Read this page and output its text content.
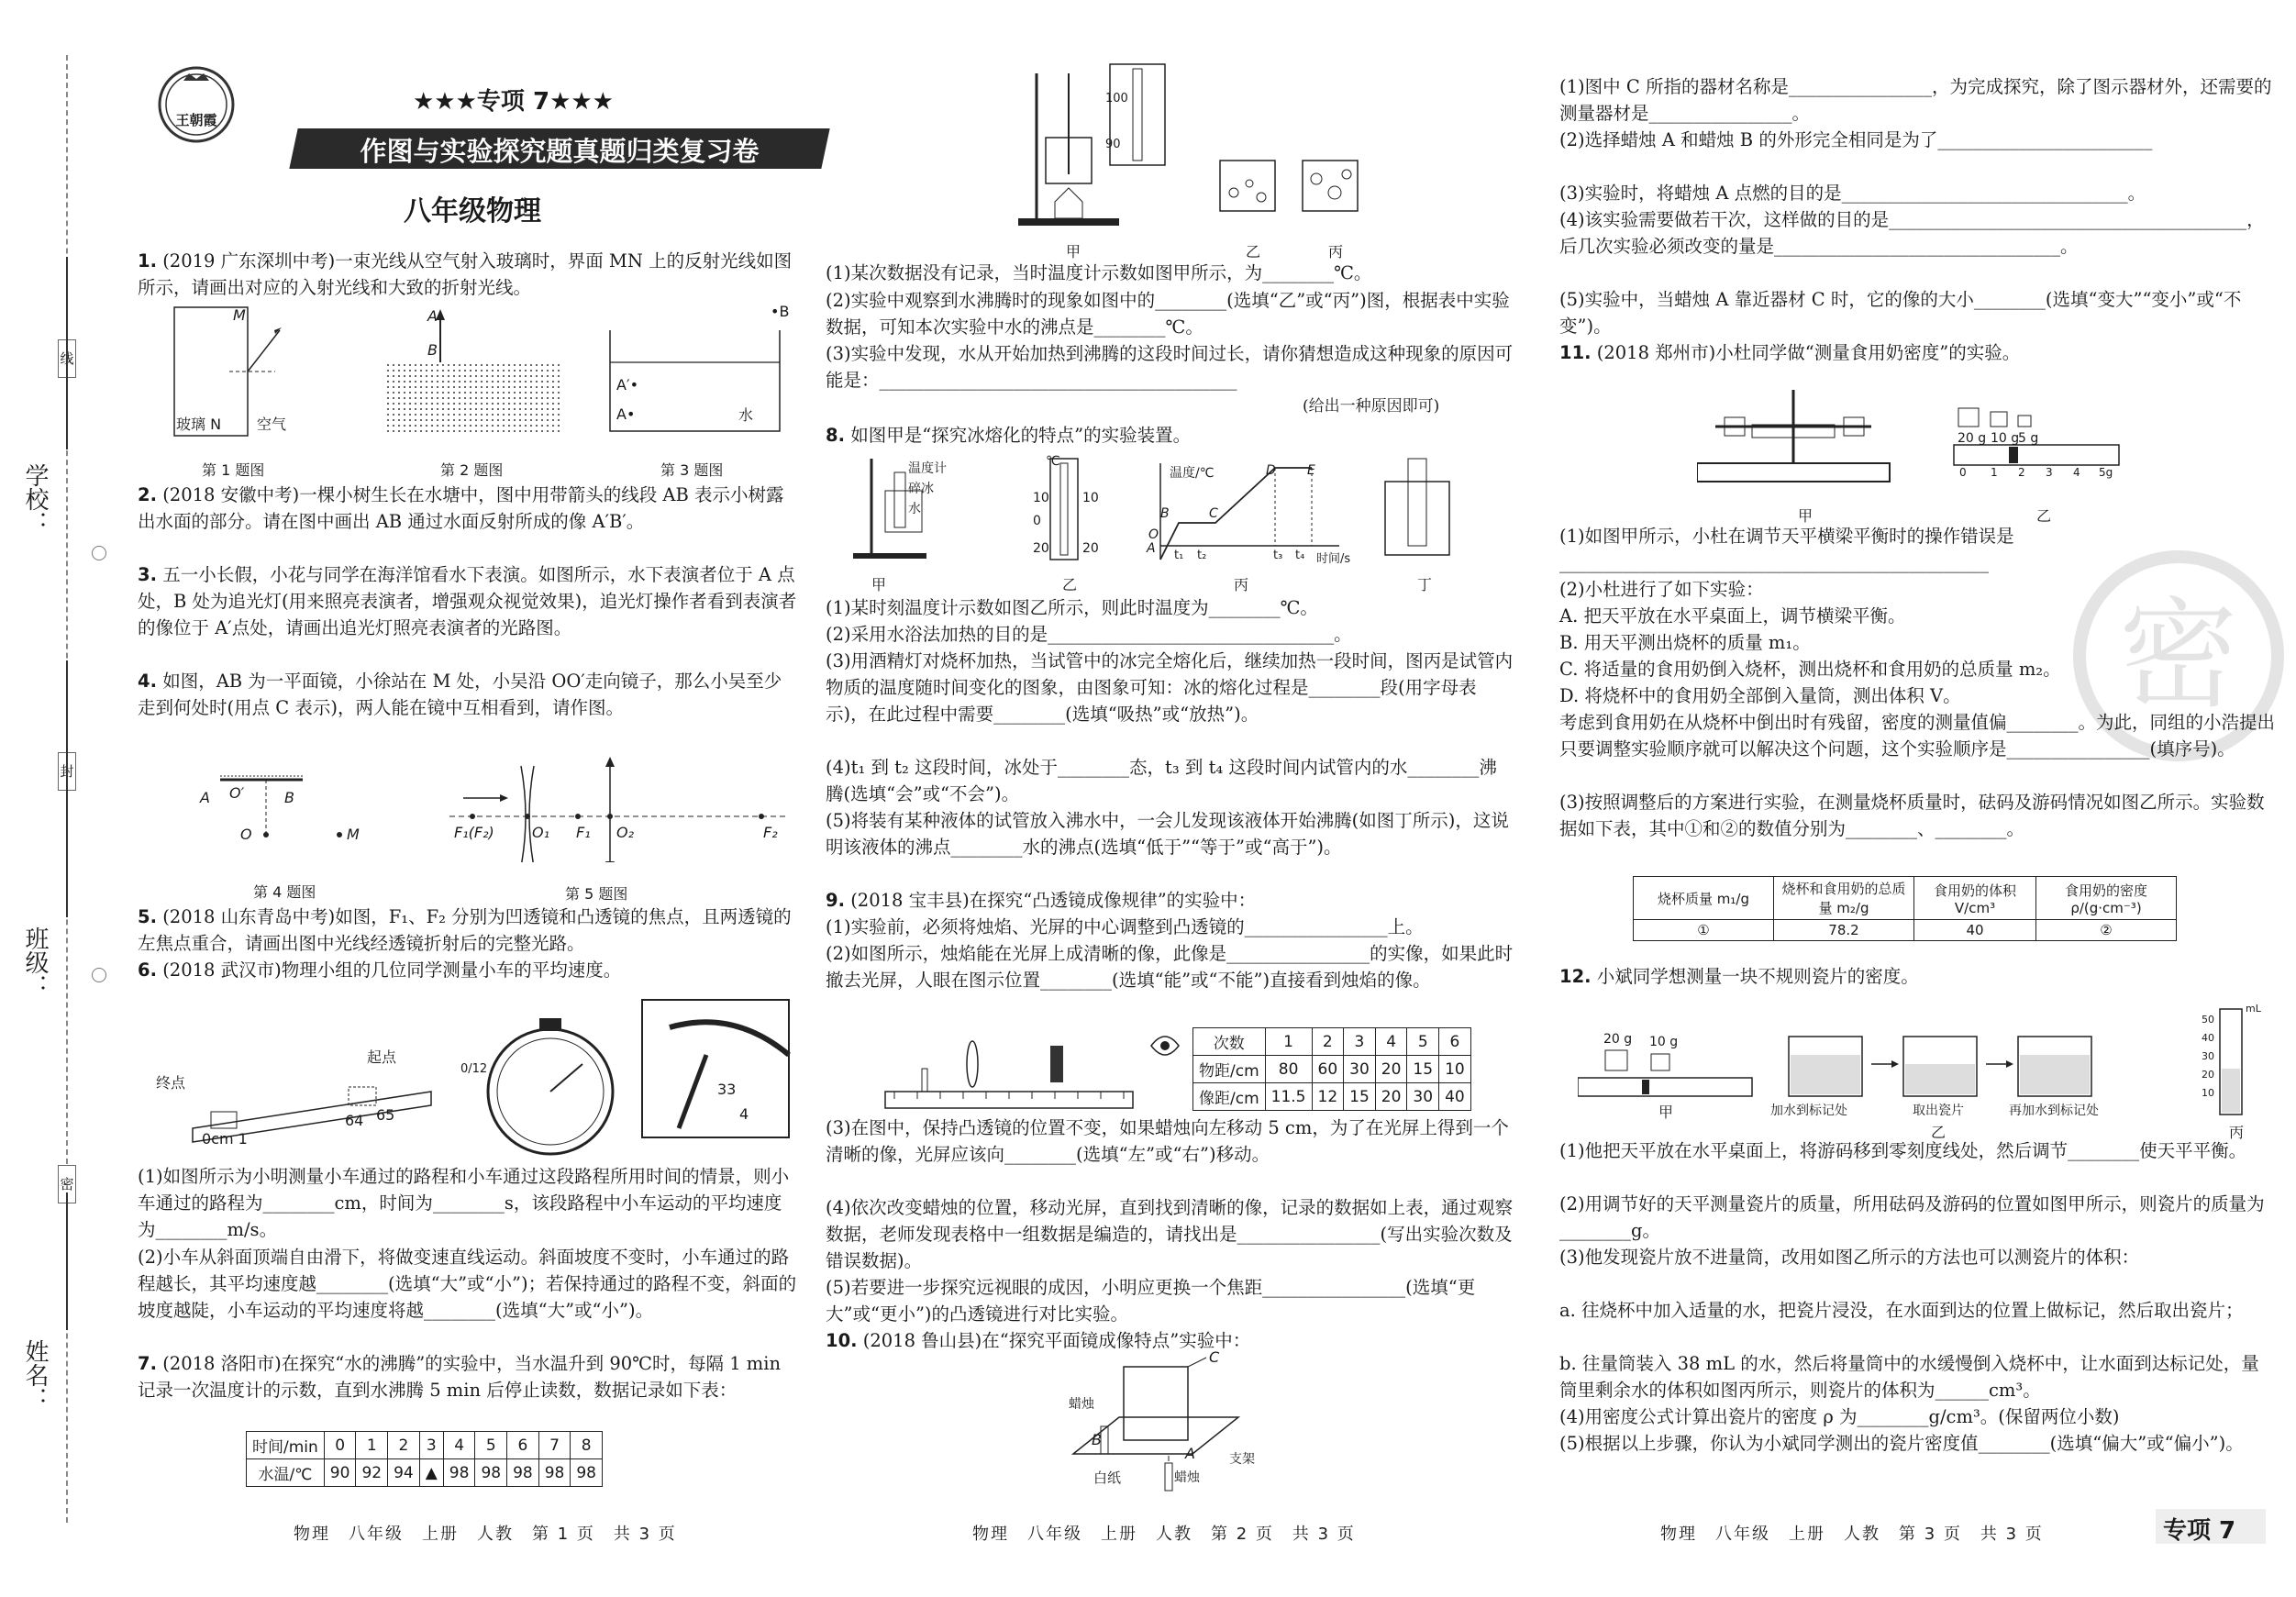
线
封
密
学校：
班级：
姓名：
王朝霞
★★★专项 7★★★
作图与实验探究题真题归类复习卷
八年级物理

1. (2019 广东深圳中考)一束光线从空气射入玻璃时，界面 MN 上的反射光线如图所示，请画出对应的入射光线和大致的折射光线。

M
玻璃 N 空气
第 1 题图
A
B
第 2 题图
•B
A′•
A•	水
第 3 题图

2. (2018 安徽中考)一棵小树生长在水塘中，图中用带箭头的线段 AB 表示小树露出水面的部分。请在图中画出 AB 通过水面反射所成的像 A′B′。

3. 五一小长假，小花与同学在海洋馆看水下表演。如图所示，水下表演者位于 A 点处，B 处为追光灯(用来照亮表演者，增强观众视觉效果)，追光灯操作者看到表演者的像位于 A′点处，请画出追光灯照亮表演者的光路图。

4. 如图，AB 为一平面镜，小徐站在 M 处，小吴沿 OO′走向镜子，那么小吴至少走到何处时(用点 C 表示)，两人能在镜中互相看到，请作图。

A O′	B
O	M
第 4 题图
F₁(F₂)	O₁ F₁ O₂	F₂
第 5 题图

5. (2018 山东青岛中考)如图，F₁、F₂ 分别为凹透镜和凸透镜的焦点，且两透镜的左焦点重合，请画出图中光线经透镜折射后的完整光路。

6. (2018 武汉市)物理小组的几位同学测量小车的平均速度。

终点
起点
0cm 1
64 65
33
4
0/12

(1)如图所示为小明测量小车通过的路程和小车通过这段路程所用时间的情景，则小车通过的路程为________cm，时间为________s，该段路程中小车运动的平均速度为________m/s。

(2)小车从斜面顶端自由滑下，将做变速直线运动。斜面坡度不变时，小车通过的路程越长，其平均速度越________(选填“大”或“小”)；若保持通过的路程不变，斜面的坡度越陡，小车运动的平均速度将越________(选填“大”或“小”)。

7. (2018 洛阳市)在探究“水的沸腾”的实验中，当水温升到 90℃时，每隔 1 min 记录一次温度计的示数，直到水沸腾 5 min 后停止读数，数据记录如下表：

时间/min	0	1	2	3	4	5	6	7	8
水温/℃	90	92	94	▲	98	98	98	98	98
物理　八年级　上册　人教　第 1 页　共 3 页
甲	乙	丙
100
90

(1)某次数据没有记录，当时温度计示数如图甲所示，为________℃。

(2)实验中观察到水沸腾时的现象如图中的________(选填“乙”或“丙”)图，根据表中实验数据，可知本次实验中水的沸点是________℃。

(3)实验中发现，水从开始加热到沸腾的这段时间过长，请你猜想造成这种现象的原因可能是：________________________________________

(给出一种原因即可)

8. 如图甲是“探究冰熔化的特点”的实验装置。

温度计
碎冰
水
甲
℃
10
0
10
20	20
乙
温度/℃	D E
A
B	C
O
t₁ t₂	t₃ t₄ 时间/s
丙	丁

(1)某时刻温度计示数如图乙所示，则此时温度为________℃。

(2)采用水浴法加热的目的是________________________________。

(3)用酒精灯对烧杯加热，当试管中的冰完全熔化后，继续加热一段时间，图丙是试管内物质的温度随时间变化的图象，由图象可知：冰的熔化过程是________段(用字母表示)，在此过程中需要________(选填“吸热”或“放热”)。

(4)t₁ 到 t₂ 这段时间，冰处于________态，t₃ 到 t₄ 这段时间内试管内的水________沸腾(选填“会”或“不会”)。

(5)将装有某种液体的试管放入沸水中，一会儿发现该液体开始沸腾(如图丁所示)，这说明该液体的沸点________水的沸点(选填“低于”“等于”或“高于”)。

9. (2018 宝丰县)在探究“凸透镜成像规律”的实验中：

(1)实验前，必须将烛焰、光屏的中心调整到凸透镜的________________上。

(2)如图所示，烛焰能在光屏上成清晰的像，此像是________________的实像，如果此时撤去光屏，人眼在图示位置________(选填“能”或“不能”)直接看到烛焰的像。

次数	1	2	3	4	5	6
物距/cm	80	60	30	20	15	10
像距/cm	11.5	12	15	20	30	40

(3)在图中，保持凸透镜的位置不变，如果蜡烛向左移动 5 cm，为了在光屏上得到一个清晰的像，光屏应该向________(选填“左”或“右”)移动。

(4)依次改变蜡烛的位置，移动光屏，直到找到清晰的像，记录的数据如上表，通过观察数据，老师发现表格中一组数据是编造的，请找出是________________(写出实验次数及错误数据)。

(5)若要进一步探究远视眼的成因，小明应更换一个焦距________________(选填“更大”或“更小”)的凸透镜进行对比实验。

10. (2018 鲁山县)在“探究平面镜成像特点”实验中：

C
蜡烛
B
白纸	蜡烛
A	支架
物理　八年级　上册　人教　第 2 页　共 3 页
密

(1)图中 C 所指的器材名称是________________，为完成探究，除了图示器材外，还需要的测量器材是________________。

(2)选择蜡烛 A 和蜡烛 B 的外形完全相同是为了________________________

(3)实验时，将蜡烛 A 点燃的目的是________________________________。

(4)该实验需要做若干次，这样做的目的是________________________________________，后几次实验必须改变的量是________________________________。

(5)实验中，当蜡烛 A 靠近器材 C 时，它的像的大小________(选填“变大”“变小”或“不变”)。

11. (2018 郑州市)小杜同学做“测量食用奶密度”的实验。

甲	乙
20 g 10 g
5 g
0 1 2 3 4 5g

(1)如图甲所示，小杜在调节天平横梁平衡时的操作错误是________________________________________________

(2)小杜进行了如下实验：

A. 把天平放在水平桌面上，调节横梁平衡。

B. 用天平测出烧杯的质量 m₁。

C. 将适量的食用奶倒入烧杯，测出烧杯和食用奶的总质量 m₂。

D. 将烧杯中的食用奶全部倒入量筒，测出体积 V。

考虑到食用奶在从烧杯中倒出时有残留，密度的测量值偏________。为此，同组的小浩提出只要调整实验顺序就可以解决这个问题，这个实验顺序是________________(填序号)。

(3)按照调整后的方案进行实验，在测量烧杯质量时，砝码及游码情况如图乙所示。实验数据如下表，其中①和②的数值分别为________、________。

烧杯质量 m₁/g	烧杯和食用奶的总质量 m₂/g	食用奶的体积 V/cm³	食用奶的密度 ρ/(g·cm⁻³)
①	78.2	40	②

12. 小斌同学想测量一块不规则瓷片的密度。

20 g 10 g
甲	加水到标记处	取出瓷片	再加水到标记处
乙	丙
mL
50
40
30
20
10

(1)他把天平放在水平桌面上，将游码移到零刻度线处，然后调节________使天平平衡。

(2)用调节好的天平测量瓷片的质量，所用砝码及游码的位置如图甲所示，则瓷片的质量为________g。

(3)他发现瓷片放不进量筒，改用如图乙所示的方法也可以测瓷片的体积：

a. 往烧杯中加入适量的水，把瓷片浸没，在水面到达的位置上做标记，然后取出瓷片；

b. 往量筒装入 38 mL 的水，然后将量筒中的水缓慢倒入烧杯中，让水面到达标记处，量筒里剩余水的体积如图丙所示，则瓷片的体积为______cm³。

(4)用密度公式计算出瓷片的密度 ρ 为________g/cm³。(保留两位小数)

(5)根据以上步骤，你认为小斌同学测出的瓷片密度值________(选填“偏大”或“偏小”)。

物理　八年级　上册　人教　第 3 页　共 3 页	专项 7
